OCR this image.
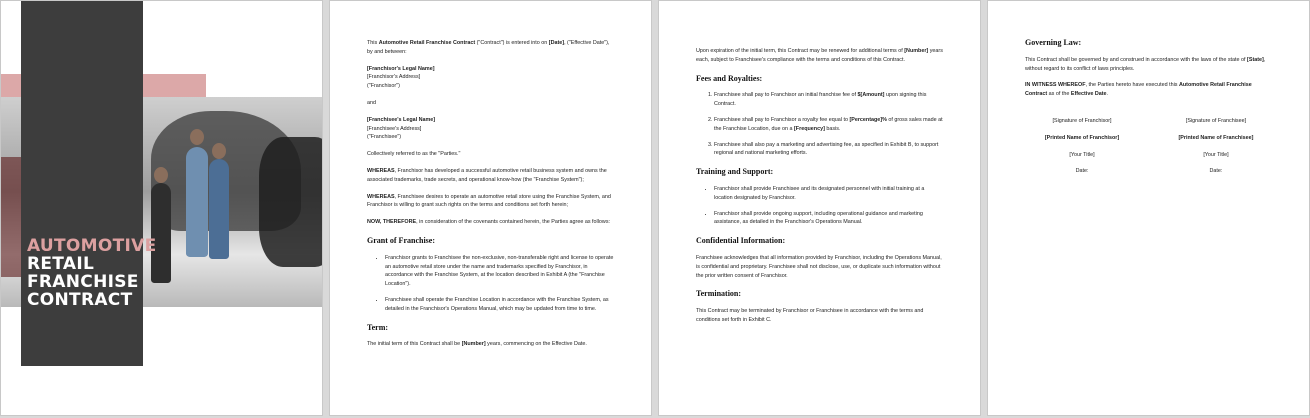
AUTOMOTIVE
RETAIL
FRANCHISE
CONTRACT

This Automotive Retail Franchise Contract ("Contract") is entered into on [Date], ("Effective Date"), by and between:

[Franchisor's Legal Name]

[Franchisor's Address]

("Franchisor")

and

[Franchisee's Legal Name]

[Franchisee's Address]

("Franchisee")

Collectively referred to as the "Parties."

WHEREAS, Franchisor has developed a successful automotive retail business system and owns the associated trademarks, trade secrets, and operational know-how (the "Franchise System");

WHEREAS, Franchisee desires to operate an automotive retail store using the Franchise System, and Franchisor is willing to grant such rights on the terms and conditions set forth herein;

NOW, THEREFORE, in consideration of the covenants contained herein, the Parties agree as follows:

Grant of Franchise:
• Franchisor grants to Franchisee the non-exclusive, non-transferable right and license to operate an automotive retail store under the name and trademarks specified by Franchisor, in accordance with the Franchise System, at the location described in Exhibit A (the "Franchise Location").
• Franchisee shall operate the Franchise Location in accordance with the Franchise System, as detailed in the Franchisor's Operations Manual, which may be updated from time to time.
Term:

The initial term of this Contract shall be [Number] years, commencing on the Effective Date.

Upon expiration of the initial term, this Contract may be renewed for additional terms of [Number] years each, subject to Franchisee's compliance with the terms and conditions of this Contract.

Fees and Royalties:
1. Franchisee shall pay to Franchisor an initial franchise fee of $[Amount] upon signing this Contract.
2. Franchisee shall pay to Franchisor a royalty fee equal to [Percentage]% of gross sales made at the Franchise Location, due on a [Frequency] basis.
3. Franchisee shall also pay a marketing and advertising fee, as specified in Exhibit B, to support regional and national marketing efforts.
Training and Support:
• Franchisor shall provide Franchisee and its designated personnel with initial training at a location designated by Franchisor.
• Franchisor shall provide ongoing support, including operational guidance and marketing assistance, as detailed in the Franchisor's Operations Manual.
Confidential Information:

Franchisee acknowledges that all information provided by Franchisor, including the Operations Manual, is confidential and proprietary. Franchisee shall not disclose, use, or duplicate such information without the prior written consent of Franchisor.

Termination:

This Contract may be terminated by Franchisor or Franchisee in accordance with the terms and conditions set forth in Exhibit C.

Governing Law:

This Contract shall be governed by and construed in accordance with the laws of the state of [State], without regard to its conflict of laws principles.

IN WITNESS WHEREOF, the Parties hereto have executed this Automotive Retail Franchise Contract as of the Effective Date.

[Signature of Franchisor]
[Printed Name of Franchisor]
[Your Title]
Date:
[Signature of Franchisee]
[Printed Name of Franchisee]
[Your Title]
Date:
